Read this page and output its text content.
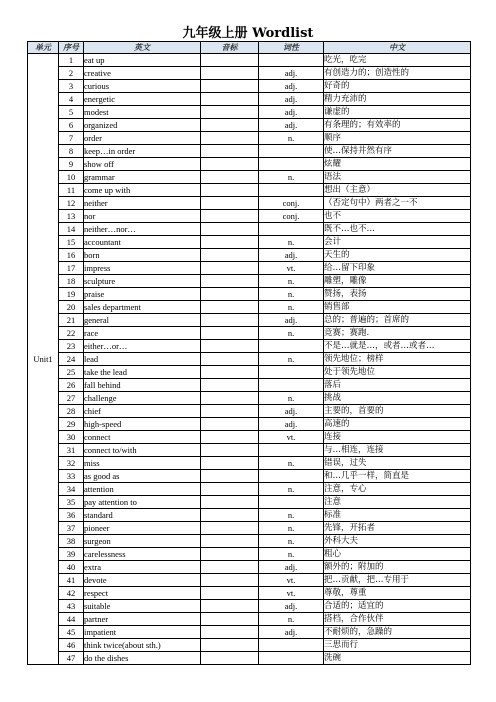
九年级上册 Wordlist
单元	序号	英文	音标	词性	中文
Unit1	1	eat up			吃光，吃完
	2	creative		adj.	有创造力的；创造性的
	3	curious		adj.	好奇的
	4	energetic		adj.	精力充沛的
	5	modest		adj.	谦虚的
	6	organized		adj.	有条理的；有效率的
	7	order		n.	顺序
	8	keep…in order			使…保持井然有序
	9	show off			炫耀
	10	grammar		n.	语法
	11	come up with			想出（主意）
	12	neither		conj.	（否定句中）两者之一不
	13	nor		conj.	也不
	14	neither…nor…			既不…也不…
	15	accountant		n.	会计
	16	born		adj.	天生的
	17	impress		vt.	给…留下印象
	18	sculpture		n.	雕塑，雕像
	19	praise		n.	赞扬，表扬
	20	sales department		n.	销售部
	21	general		adj.	总的；普遍的；首席的
	22	race		n.	竞赛；赛跑.
	23	either…or…			不是…就是…，或者…或者…
	24	lead		n.	领先地位；榜样
	25	take the lead			处于领先地位
	26	fall behind			落后
	27	challenge		n.	挑战
	28	chief		adj.	主要的，首要的
	29	high-speed		adj.	高速的
	30	connect		vt.	连接
	31	connect to/with			与…相连，连接
	32	miss		n.	错误，过失
	33	as good as			和…几乎一样，简直是
	34	attention		n.	注意，专心
	35	pay attention to			注意
	36	standard		n.	标准
	37	pioneer		n.	先锋，开拓者
	38	surgeon		n.	外科大夫
	39	carelessness		n.	粗心
	40	extra		adj.	额外的；附加的
	41	devote		vt.	把…贡献，把…专用于
	42	respect		vt.	尊敬，尊重
	43	suitable		adj.	合适的；适宜的
	44	partner		n.	搭档，合作伙伴
	45	impatient		adj.	不耐烦的，急躁的
	46	think twice(about sth.)			三思而行
	47	do the dishes			洗碗
